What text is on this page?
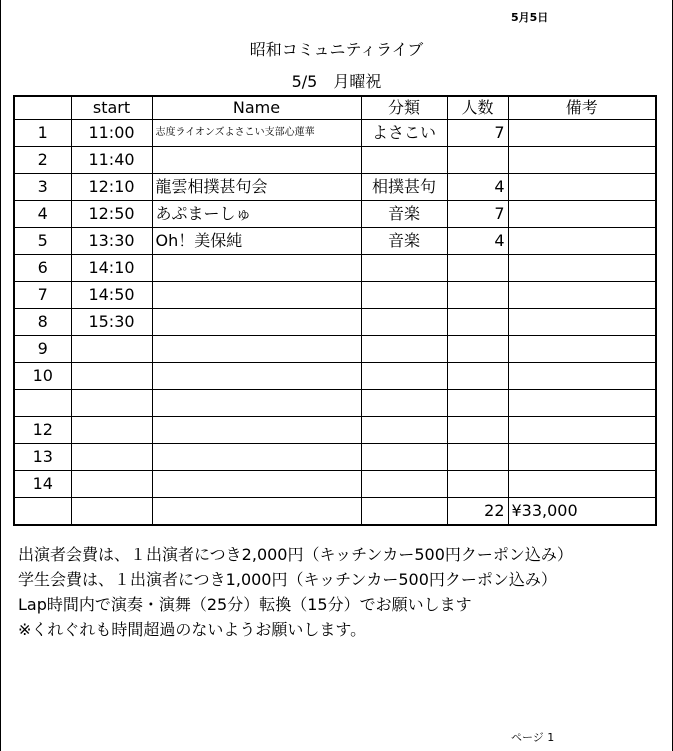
5月5日
昭和コミュニティライブ
5/5　月曜祝
	start	Name	分類	人数	備考
1	11:00	志度ライオンズよさこい支部心蓮華	よさこい	7	
2	11:40				
3	12:10	龍雲相撲甚句会	相撲甚句	4	
4	12:50	あぷまーしゅ	音楽	7	
5	13:30	Oh！美保純	音楽	4	
6	14:10				
7	14:50				
8	15:30				
9					
10					

12					
13					
14					
				22	¥33,000
出演者会費は、１出演者につき2,000円（キッチンカー500円クーポン込み）
学生会費は、１出演者につき1,000円（キッチンカー500円クーポン込み）
Lap時間内で演奏・演舞（25分）転換（15分）でお願いします
※くれぐれも時間超過のないようお願いします。
ページ 1
